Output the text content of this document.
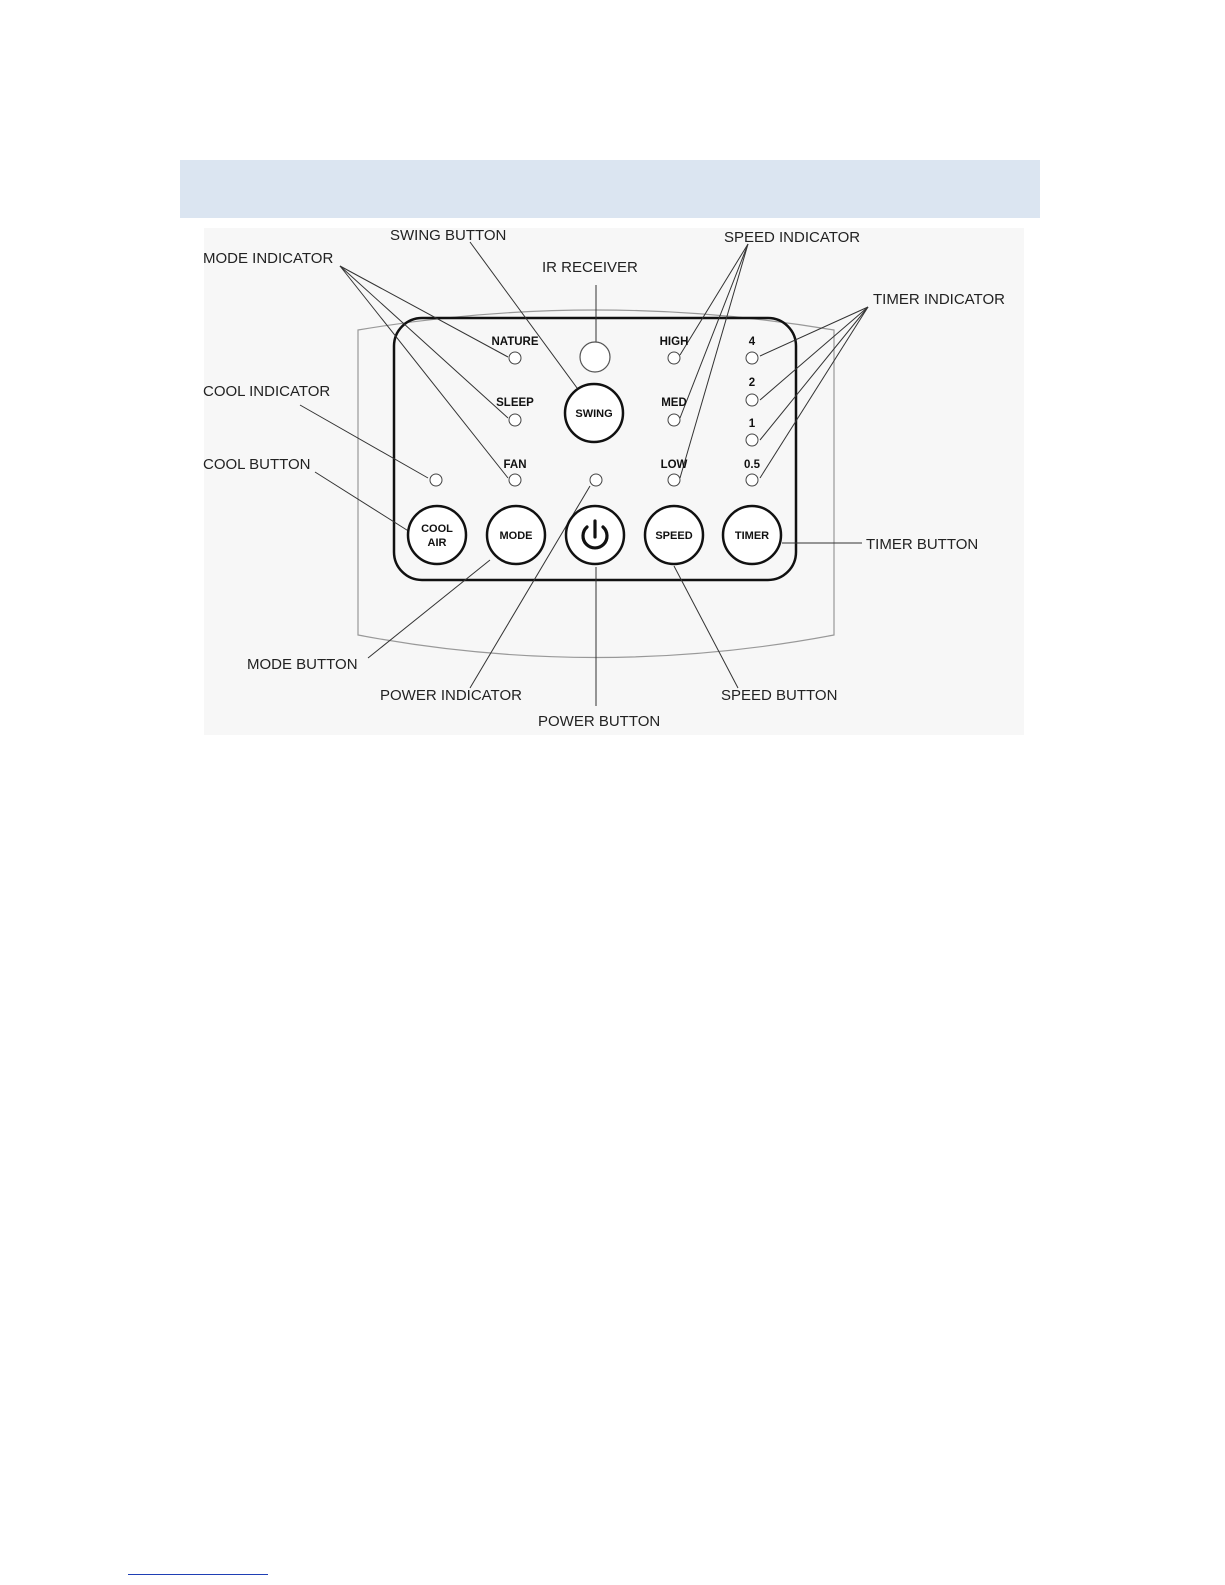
SWING BUTTON
MODE INDICATOR
IR RECEIVER
SPEED INDICATOR
TIMER INDICATOR
COOL INDICATOR
COOL BUTTON
TIMER BUTTON
MODE BUTTON
POWER INDICATOR	SPEED BUTTON
POWER BUTTON
NATURE
SLEEP
FAN
SWING
HIGH
MED
LOW
4
2
1
0.5
COOL
AIR
MODE	SPEED	TIMER
